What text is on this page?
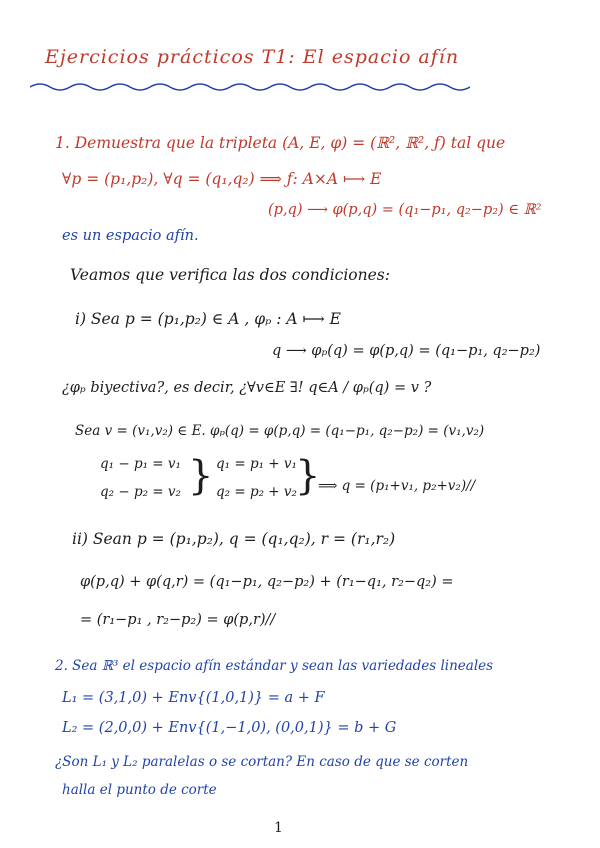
Ejercicios prácticos T1: El espacio afín
1. Demuestra que la tripleta (A, E, φ) = (ℝ², ℝ², ƒ) tal que
∀p = (p₁,p₂), ∀q = (q₁,q₂) ⟹ ƒ: A×A ⟼ E
(p,q) ⟶ φ(p,q) = (q₁−p₁, q₂−p₂) ∈ ℝ²
es un espacio afín.
Veamos que verifica las dos condiciones:
i) Sea p = (p₁,p₂) ∈ A , φₚ : A ⟼ E
q ⟶ φₚ(q) = φ(p,q) = (q₁−p₁, q₂−p₂)
¿φₚ biyectiva?, es decir, ¿∀v∈E ∃! q∈A / φₚ(q) = v ?
Sea v = (v₁,v₂) ∈ E. φₚ(q) = φ(p,q) = (q₁−p₁, q₂−p₂) = (v₁,v₂)
q₁ − p₁ = v₁
q₂ − p₂ = v₂ } q₁ = p₁ + v₁
q₂ = p₂ + v₂
}
⟹ q = (p₁+v₁, p₂+v₂)//
ii) Sean p = (p₁,p₂), q = (q₁,q₂), r = (r₁,r₂)
φ(p,q) + φ(q,r) = (q₁−p₁, q₂−p₂) + (r₁−q₁, r₂−q₂) =
= (r₁−p₁ , r₂−p₂) = φ(p,r)//
2. Sea ℝ³ el espacio afín estándar y sean las variedades lineales
L₁ = (3,1,0) + Env{(1,0,1)} = a + F
L₂ = (2,0,0) + Env{(1,−1,0), (0,0,1)} = b + G
¿Son L₁ y L₂ paralelas o se cortan? En caso de que se corten
halla el punto de corte
1
